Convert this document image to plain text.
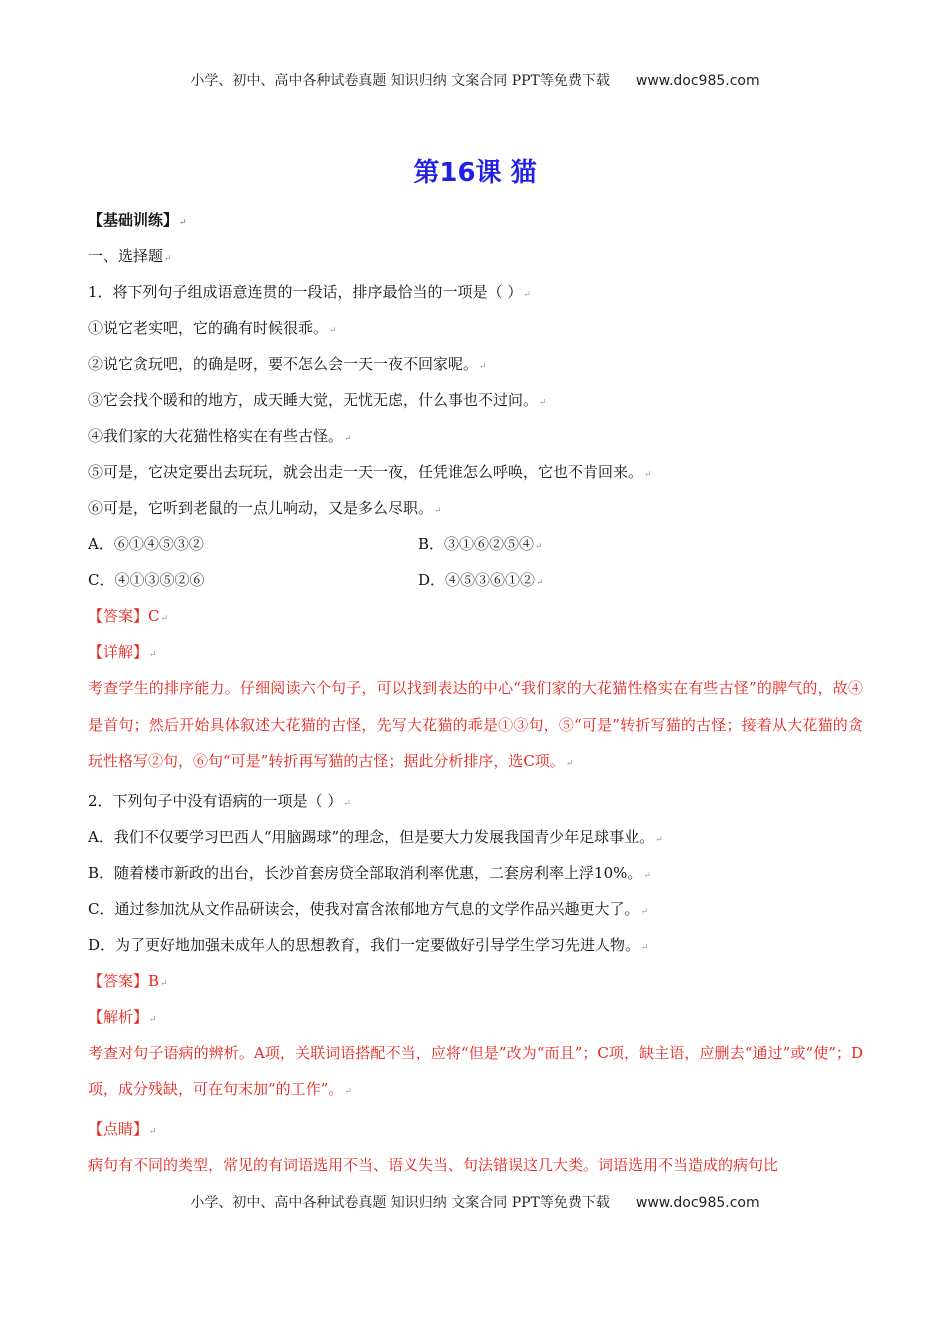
小学、初中、高中各种试卷真题 知识归纳 文案合同 PPT等免费下载 www.doc985.com
第16课 猫
【基础训练】↵
一、选择题↵
1．将下列句子组成语意连贯的一段话，排序最恰当的一项是（ ）↵
①说它老实吧，它的确有时候很乖。↵
②说它贪玩吧，的确是呀，要不怎么会一天一夜不回家呢。↵
③它会找个暖和的地方，成天睡大觉，无忧无虑，什么事也不过问。↵
④我们家的大花猫性格实在有些古怪。↵
⑤可是，它决定要出去玩玩，就会出走一天一夜，任凭谁怎么呼唤，它也不肯回来。↵
⑥可是，它听到老鼠的一点儿响动，又是多么尽职。↵
A．⑥①④⑤③②	B．③①⑥②⑤④↵
C．④①③⑤②⑥	D．④⑤③⑥①②↵
【答案】C↵
【详解】↵
考查学生的排序能力。仔细阅读六个句子，可以找到表达的中心“我们家的大花猫性格实在有些古怪”的脾气的，故④是首句；然后开始具体叙述大花猫的古怪，先写大花猫的乖是①③句，⑤“可是”转折写猫的古怪；接着从大花猫的贪玩性格写②句，⑥句“可是”转折再写猫的古怪；据此分析排序，选C项。↵
2．下列句子中没有语病的一项是（ ）↵
A．我们不仅要学习巴西人“用脑踢球”的理念，但是要大力发展我国青少年足球事业。↵
B．随着楼市新政的出台，长沙首套房贷全部取消利率优惠，二套房利率上浮10%。↵
C．通过参加沈从文作品研读会，使我对富含浓郁地方气息的文学作品兴趣更大了。↵
D．为了更好地加强未成年人的思想教育，我们一定要做好引导学生学习先进人物。↵
【答案】B↵
【解析】↵
考查对句子语病的辨析。A项，关联词语搭配不当，应将“但是”改为“而且”；C项，缺主语，应删去“通过”或“使”；D项，成分残缺，可在句末加“的工作”。↵
【点睛】↵
病句有不同的类型，常见的有词语选用不当、语义失当、句法错误这几大类。词语选用不当造成的病句比
小学、初中、高中各种试卷真题 知识归纳 文案合同 PPT等免费下载 www.doc985.com
